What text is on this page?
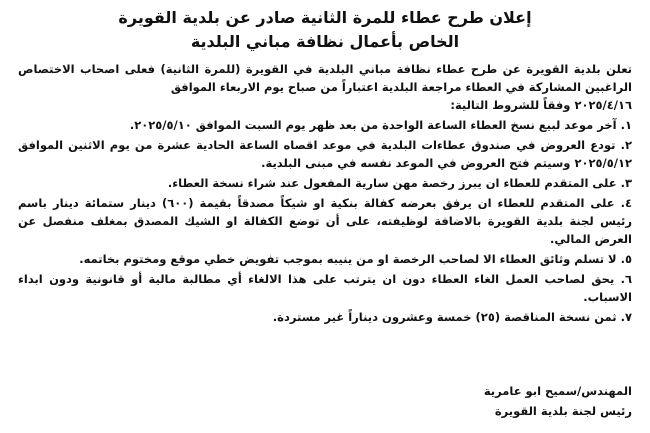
إعلان طرح عطاء للمرة الثانية صادر عن بلدية القويرة
الخاص بأعمال نظافة مباني البلدية

تعلن بلدية القويرة عن طرح عطاء نظافة مباني البلدية في القويرة (للمرة الثانية) فعلى اصحاب الاختصاص الراغبين المشاركة في العطاء مراجعة البلدية اعتباراً من صباح يوم الاربعاء الموافق
٢٠٢٥/٤/١٦ وفقاً للشروط التالية:

١. آخر موعد لبيع نسخ العطاء الساعة الواحدة من بعد ظهر يوم السبت الموافق ٢٠٢٥/٥/١٠.
٢. تودع العروض في صندوق عطاءات البلدية في موعد اقصاه الساعة الحادية عشرة من يوم الاثنين الموافق ٢٠٢٥/٥/١٢ وسيتم فتح العروض في الموعد نفسه في مبنى البلدية.
٣. على المتقدم للعطاء ان يبرز رخصة مهن سارية المفعول عند شراء نسخة العطاء.
٤. على المتقدم للعطاء ان يرفق بعرضه كفالة بنكية او شيكاً مصدقاً بقيمة (٦٠٠) دينار ستمائة دينار باسم رئيس لجنة بلدية القويرة بالاضافة لوظيفته، على أن توضع الكفالة او الشيك المصدق بمغلف منفصل عن العرض المالي.
٥. لا تسلم وثائق العطاء الا لصاحب الرخصة او من ينيبه بموجب تفويض خطي موقع ومختوم بخاتمه.
٦. يحق لصاحب العمل الغاء العطاء دون ان يترتب على هذا الالغاء أي مطالبة مالية أو قانونية ودون ابداء الاسباب.
٧. ثمن نسخة المناقصة (٢٥) خمسة وعشرون ديناراً غير مستردة.
المهندس/سميح ابو عامرية
رئيس لجنة بلدية القويرة
